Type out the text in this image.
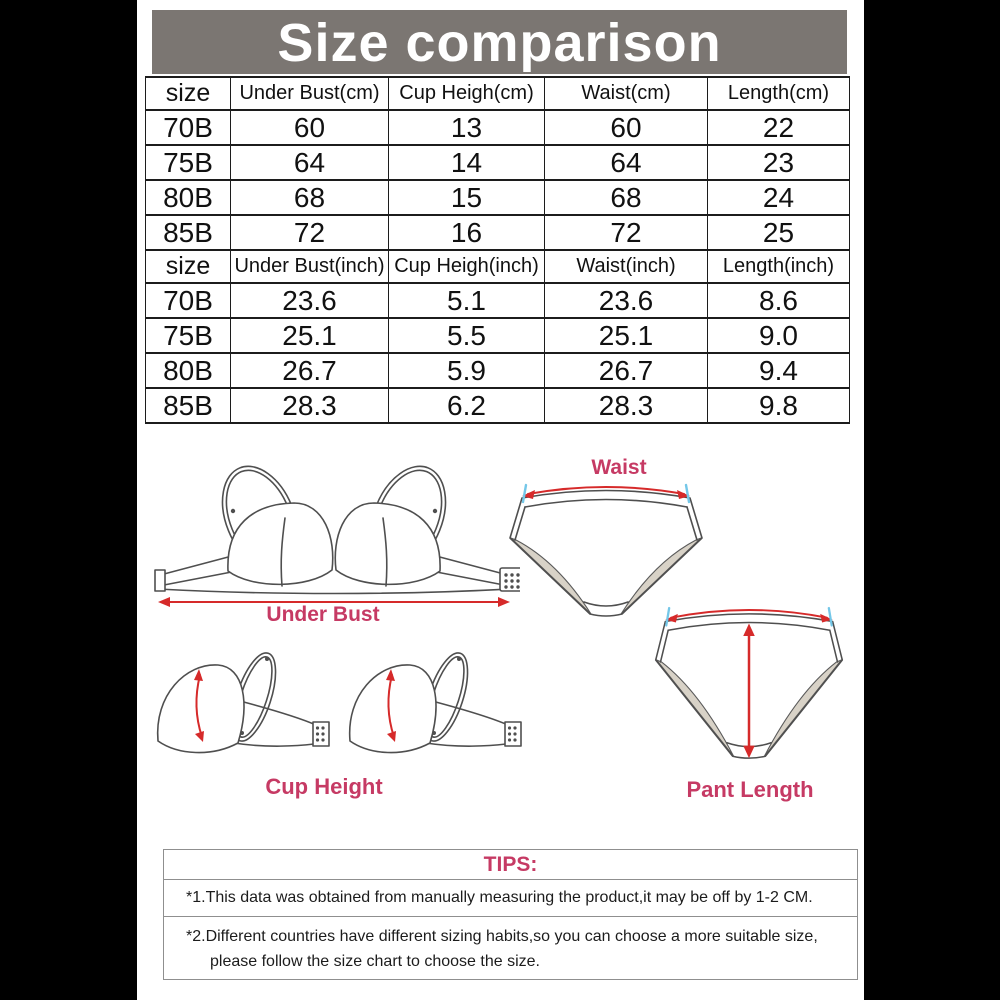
Size comparison
size	Under Bust(cm)	Cup Heigh(cm)	Waist(cm)	Length(cm)
70B	60	13	60	22
75B	64	14	64	23
80B	68	15	68	24
85B	72	16	72	25
size	Under Bust(inch)	Cup Heigh(inch)	Waist(inch)	Length(inch)
70B	23.6	5.1	23.6	8.6
75B	25.1	5.5	25.1	9.0
80B	26.7	5.9	26.7	9.4
85B	28.3	6.2	28.3	9.8
Waist
Under Bust
Cup Height	Pant Length
TIPS:
*1.This data was obtained from manually measuring the product,it may be off by 1-2 CM.
*2.Different countries have different sizing habits,so you can choose a more suitable size,
please follow the size chart to choose the size.
